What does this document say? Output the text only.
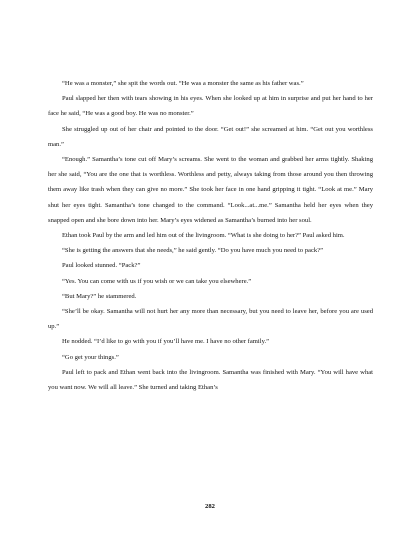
“He was a monster,” she spit the words out. “He was a monster the same as his father was.”

Paul slapped her then with tears showing in his eyes. When she looked up at him in surprise and put her hand to her face he said, “He was a good boy. He was no monster.”

She struggled up out of her chair and pointed to the door. “Get out!” she screamed at him. “Get out you worthless man.”

“Enough.” Samantha’s tone cut off Mary’s screams. She went to the woman and grabbed her arms tightly. Shaking her she said, “You are the one that is worthless. Worthless and petty, always taking from those around you then throwing them away like trash when they can give no more.” She took her face in one hand gripping it tight. “Look at me.” Mary shut her eyes tight. Samantha’s tone changed to the command. “Look...at...me.” Samantha held her eyes when they snapped open and she bore down into her. Mary’s eyes widened as Samantha’s burned into her soul.

Ethan took Paul by the arm and led him out of the livingroom. “What is she doing to her?” Paul asked him.

“She is getting the answers that she needs,” he said gently. “Do you have much you need to pack?”

Paul looked stunned. “Pack?”

“Yes. You can come with us if you wish or we can take you elsewhere.”

“But Mary?” he stammered.

“She’ll be okay. Samantha will not hurt her any more than necessary, but you need to leave her, before you are used up.”

He nodded. “I’d like to go with you if you’ll have me. I have no other family.”

“Go get your things.”

Paul left to pack and Ethan went back into the livingroom. Samantha was finished with Mary. “You will have what you want now. We will all leave.” She turned and taking Ethan’s

282
